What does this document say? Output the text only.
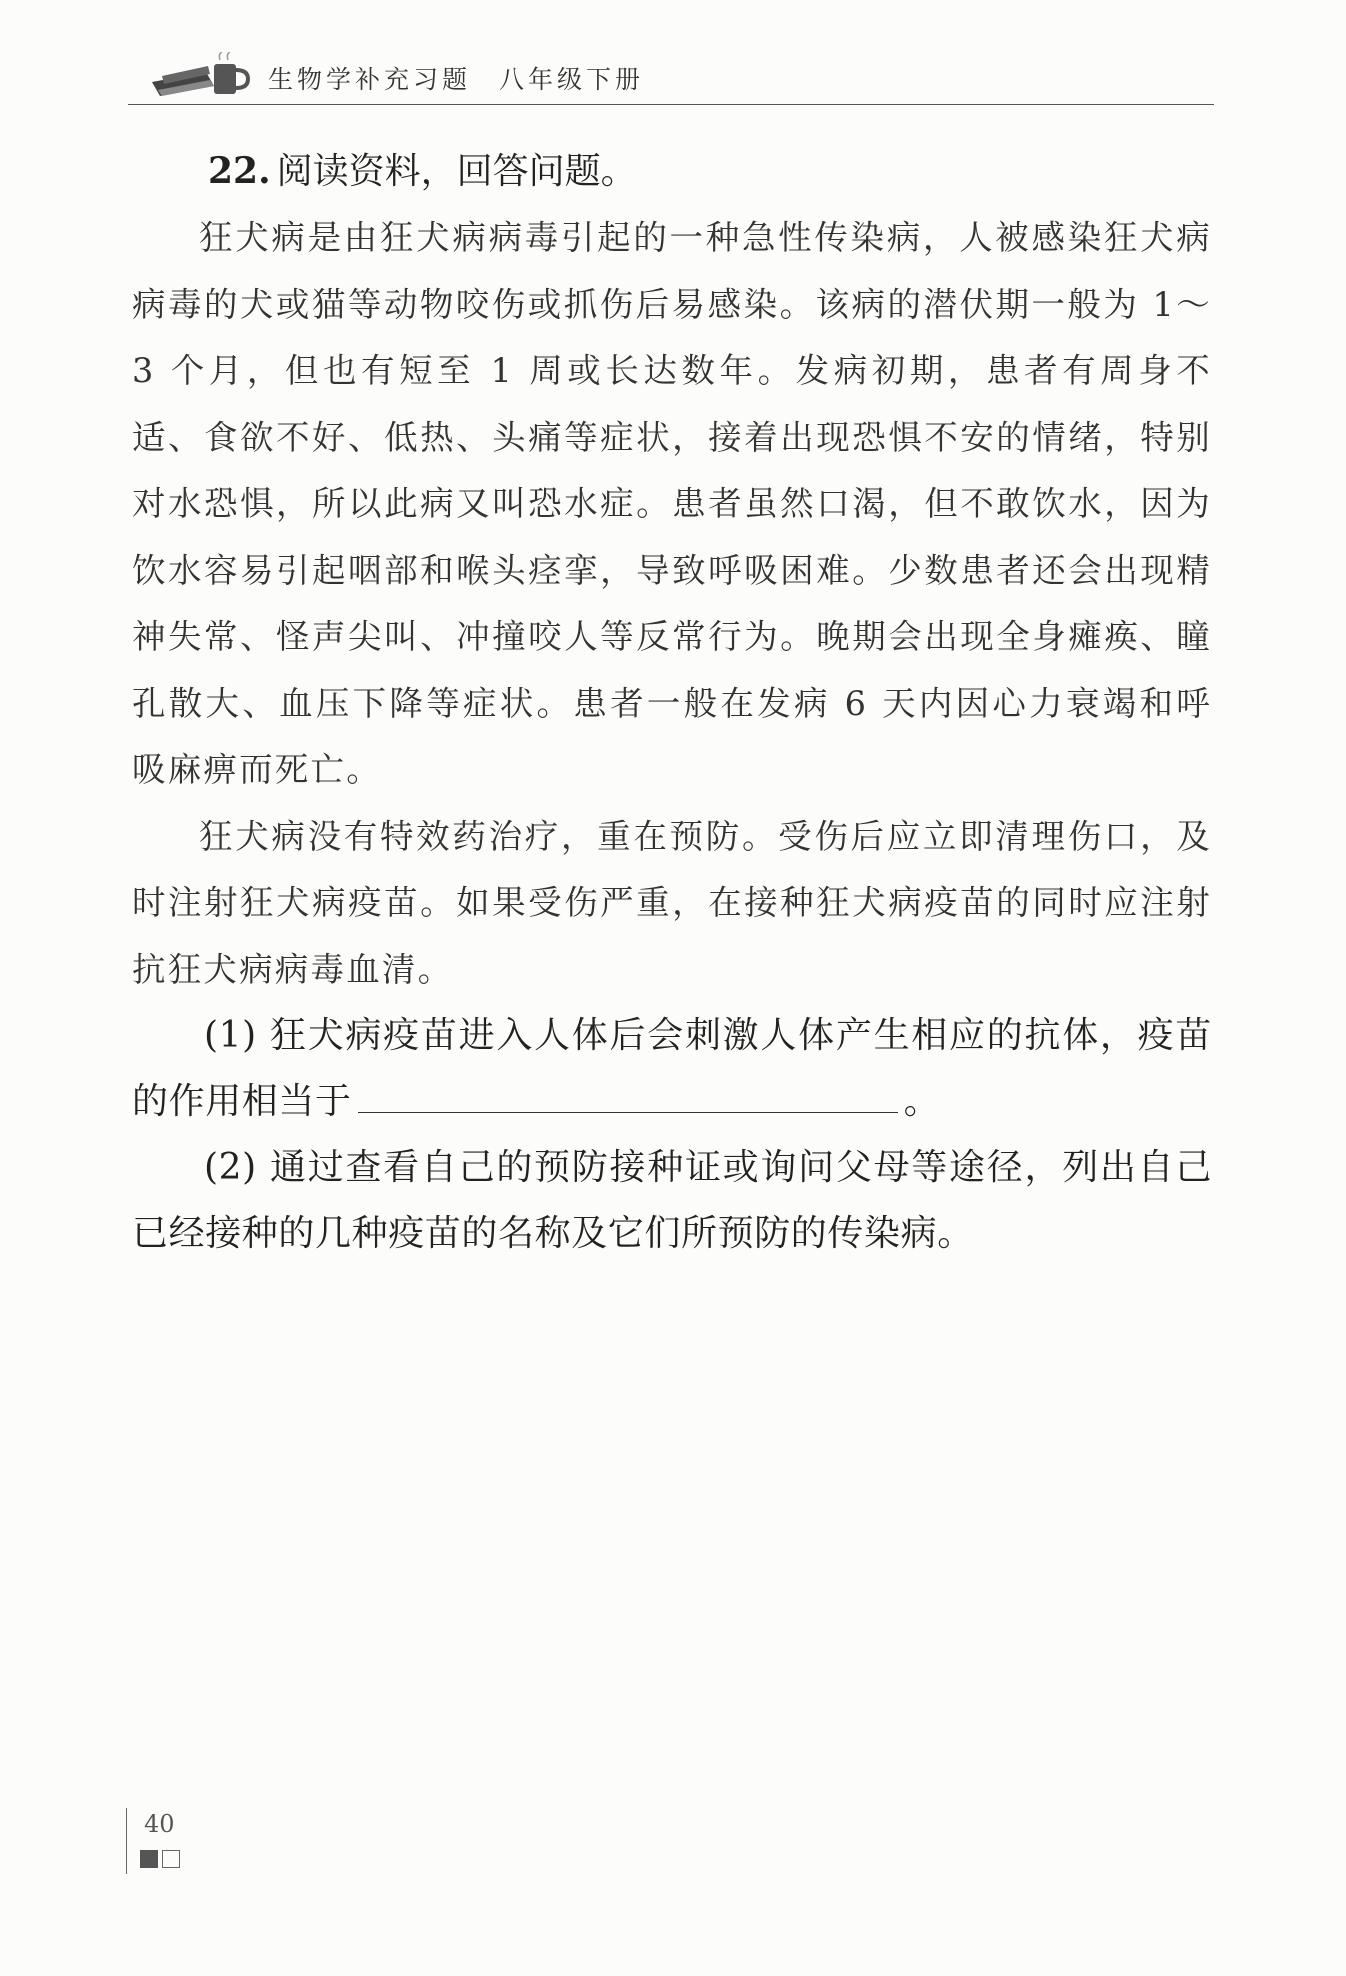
生物学补充习题 八年级下册

22. 阅读资料，回答问题。

狂犬病是由狂犬病病毒引起的一种急性传染病，人被感染狂犬病病毒的犬或猫等动物咬伤或抓伤后易感染。该病的潜伏期一般为 1～3 个月，但也有短至 1 周或长达数年。发病初期，患者有周身不适、食欲不好、低热、头痛等症状，接着出现恐惧不安的情绪，特别对水恐惧，所以此病又叫恐水症。患者虽然口渴，但不敢饮水，因为饮水容易引起咽部和喉头痉挛，导致呼吸困难。少数患者还会出现精神失常、怪声尖叫、冲撞咬人等反常行为。晚期会出现全身瘫痪、瞳孔散大、血压下降等症状。患者一般在发病 6 天内因心力衰竭和呼吸麻痹而死亡。

狂犬病没有特效药治疗，重在预防。受伤后应立即清理伤口，及时注射狂犬病疫苗。如果受伤严重，在接种狂犬病疫苗的同时应注射抗狂犬病病毒血清。

(1) 狂犬病疫苗进入人体后会刺激人体产生相应的抗体，疫苗的作用相当于	。

(2) 通过查看自己的预防接种证或询问父母等途径，列出自己已经接种的几种疫苗的名称及它们所预防的传染病。

40
